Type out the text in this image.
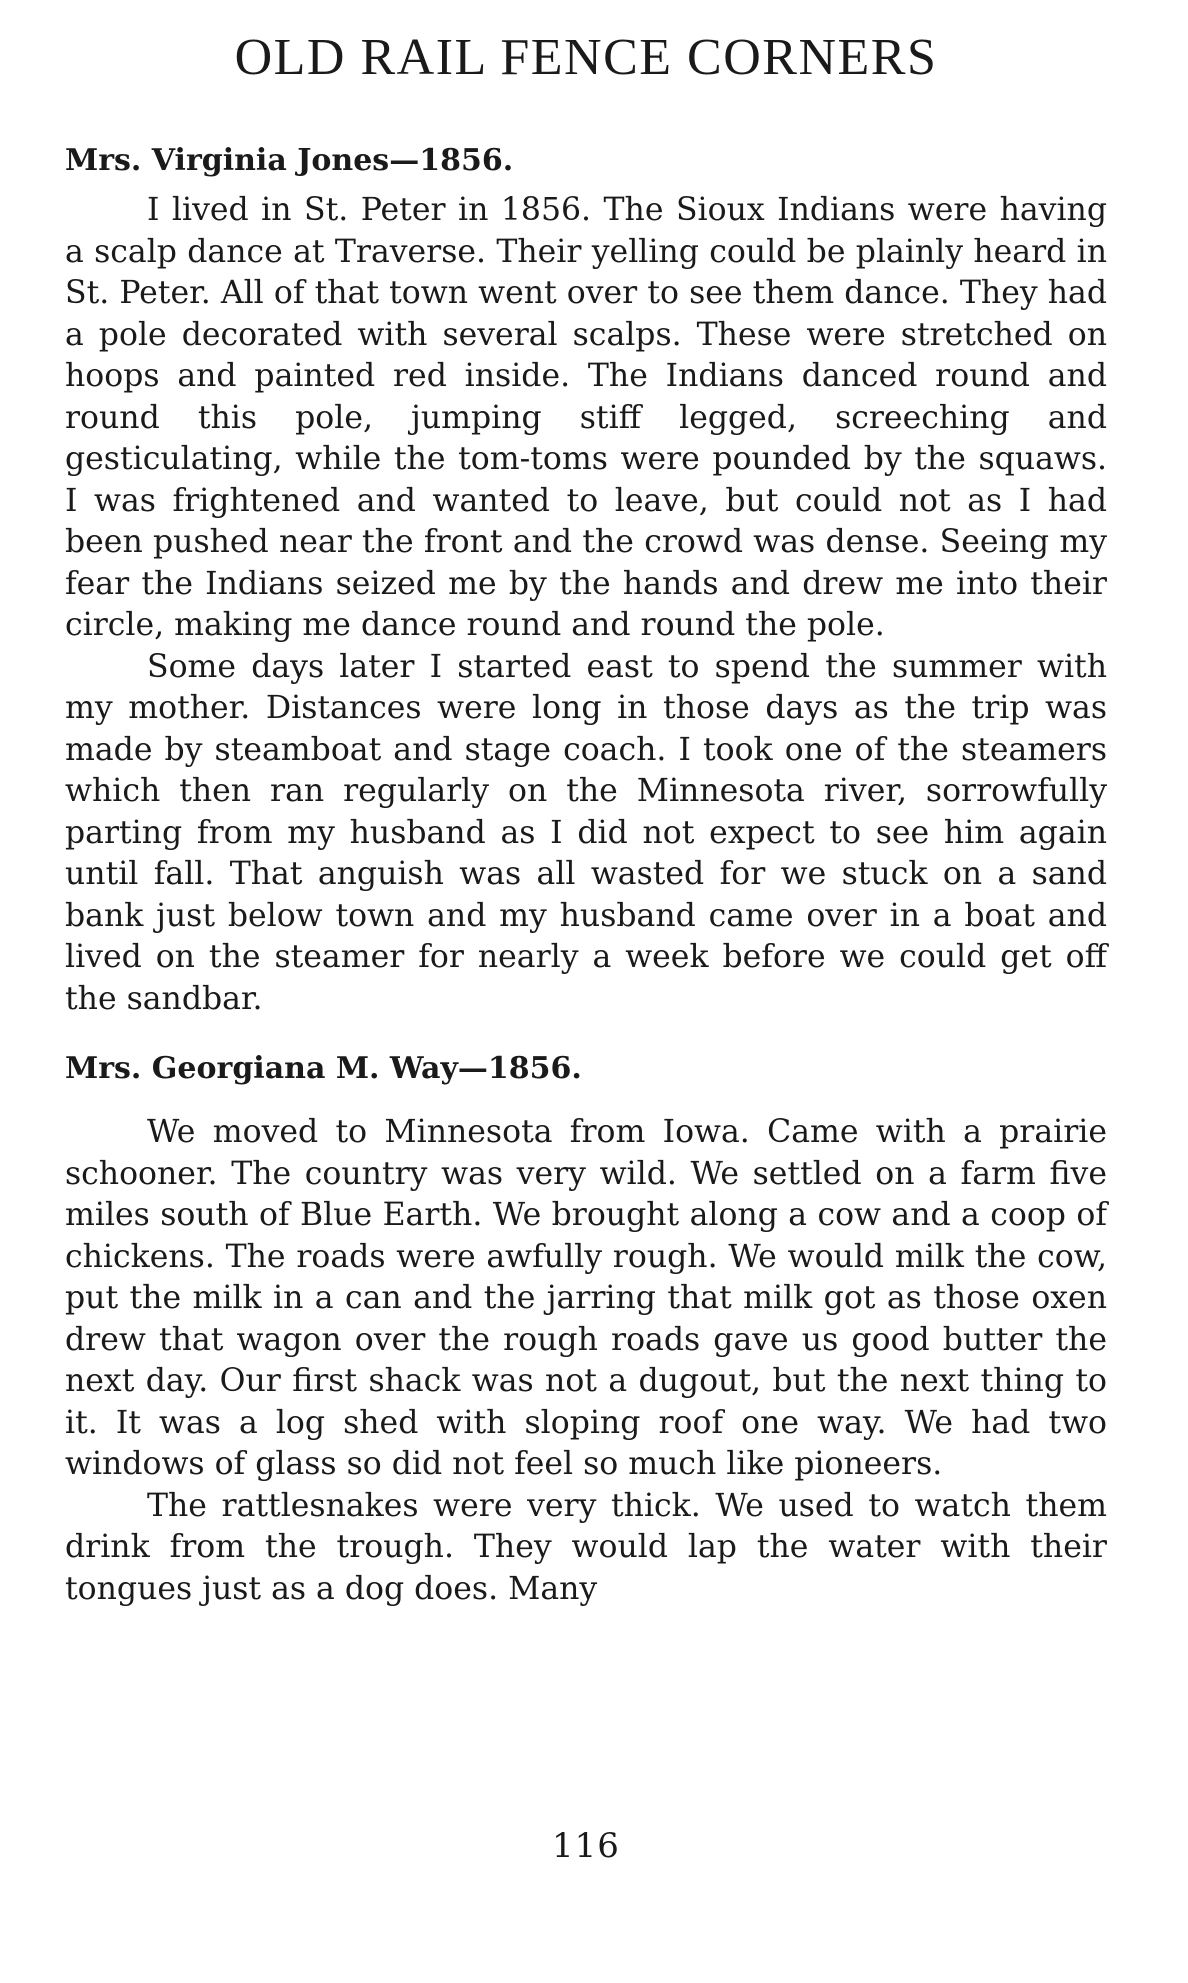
OLD RAIL FENCE CORNERS
Mrs. Virginia Jones—1856.

I lived in St. Peter in 1856. The Sioux Indians were having a scalp dance at Traverse. Their yelling could be plainly heard in St. Peter. All of that town went over to see them dance. They had a pole decorated with several scalps. These were stretched on hoops and painted red inside. The Indians danced round and round this pole, jumping stiff legged, screeching and gesticulating, while the tom-toms were pounded by the squaws. I was frightened and wanted to leave, but could not as I had been pushed near the front and the crowd was dense. Seeing my fear the Indians seized me by the hands and drew me into their circle, making me dance round and round the pole.

Some days later I started east to spend the summer with my mother. Distances were long in those days as the trip was made by steamboat and stage coach. I took one of the steamers which then ran regularly on the Minnesota river, sorrowfully parting from my husband as I did not expect to see him again until fall. That anguish was all wasted for we stuck on a sand bank just below town and my husband came over in a boat and lived on the steamer for nearly a week before we could get off the sandbar.

Mrs. Georgiana M. Way—1856.

We moved to Minnesota from Iowa. Came with a prairie schooner. The country was very wild. We settled on a farm five miles south of Blue Earth. We brought along a cow and a coop of chickens. The roads were awfully rough. We would milk the cow, put the milk in a can and the jarring that milk got as those oxen drew that wagon over the rough roads gave us good butter the next day. Our first shack was not a dugout, but the next thing to it. It was a log shed with sloping roof one way. We had two windows of glass so did not feel so much like pioneers.

The rattlesnakes were very thick. We used to watch them drink from the trough. They would lap the water with their tongues just as a dog does. Many

116
